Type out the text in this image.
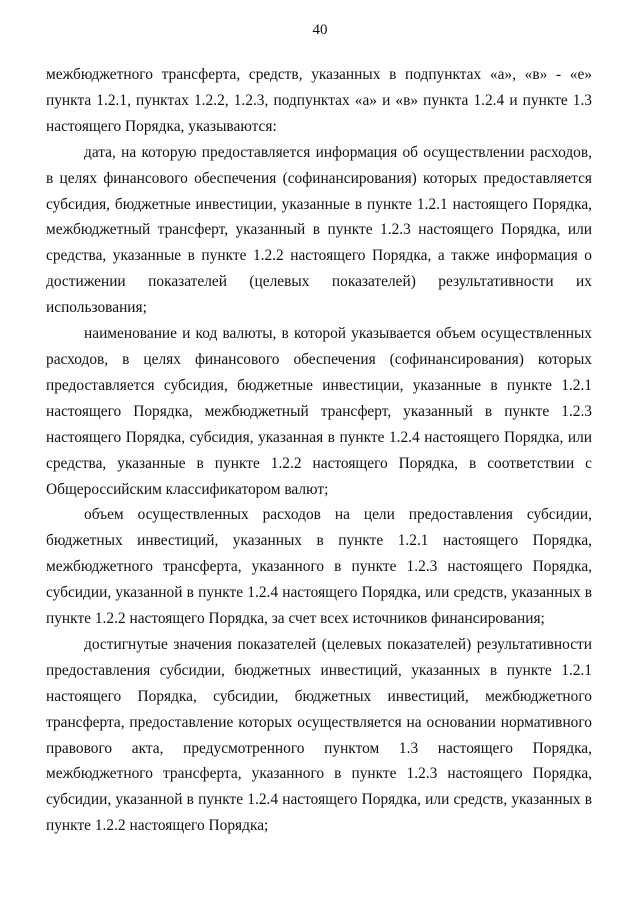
40

межбюджетного трансферта, средств, указанных в подпунктах «а», «в» - «е» пункта 1.2.1, пунктах 1.2.2, 1.2.3, подпунктах «а» и «в» пункта 1.2.4 и пункте 1.3 настоящего Порядка, указываются:

дата, на которую предоставляется информация об осуществлении расходов, в целях финансового обеспечения (софинансирования) которых предоставляется субсидия, бюджетные инвестиции, указанные в пункте 1.2.1 настоящего Порядка, межбюджетный трансферт, указанный в пункте 1.2.3 настоящего Порядка, или средства, указанные в пункте 1.2.2 настоящего Порядка, а также информация о достижении показателей (целевых показателей) результативности их использования;

наименование и код валюты, в которой указывается объем осуществленных расходов, в целях финансового обеспечения (софинансирования) которых предоставляется субсидия, бюджетные инвестиции, указанные в пункте 1.2.1 настоящего Порядка, межбюджетный трансферт, указанный в пункте 1.2.3 настоящего Порядка, субсидия, указанная в пункте 1.2.4 настоящего Порядка, или средства, указанные в пункте 1.2.2 настоящего Порядка, в соответствии с Общероссийским классификатором валют;

объем осуществленных расходов на цели предоставления субсидии, бюджетных инвестиций, указанных в пункте 1.2.1 настоящего Порядка, межбюджетного трансферта, указанного в пункте 1.2.3 настоящего Порядка, субсидии, указанной в пункте 1.2.4 настоящего Порядка, или средств, указанных в пункте 1.2.2 настоящего Порядка, за счет всех источников финансирования;

достигнутые значения показателей (целевых показателей) результативности предоставления субсидии, бюджетных инвестиций, указанных в пункте 1.2.1 настоящего Порядка, субсидии, бюджетных инвестиций, межбюджетного трансферта, предоставление которых осуществляется на основании нормативного правового акта, предусмотренного пунктом 1.3 настоящего Порядка, межбюджетного трансферта, указанного в пункте 1.2.3 настоящего Порядка, субсидии, указанной в пункте 1.2.4 настоящего Порядка, или средств, указанных в пункте 1.2.2 настоящего Порядка;
